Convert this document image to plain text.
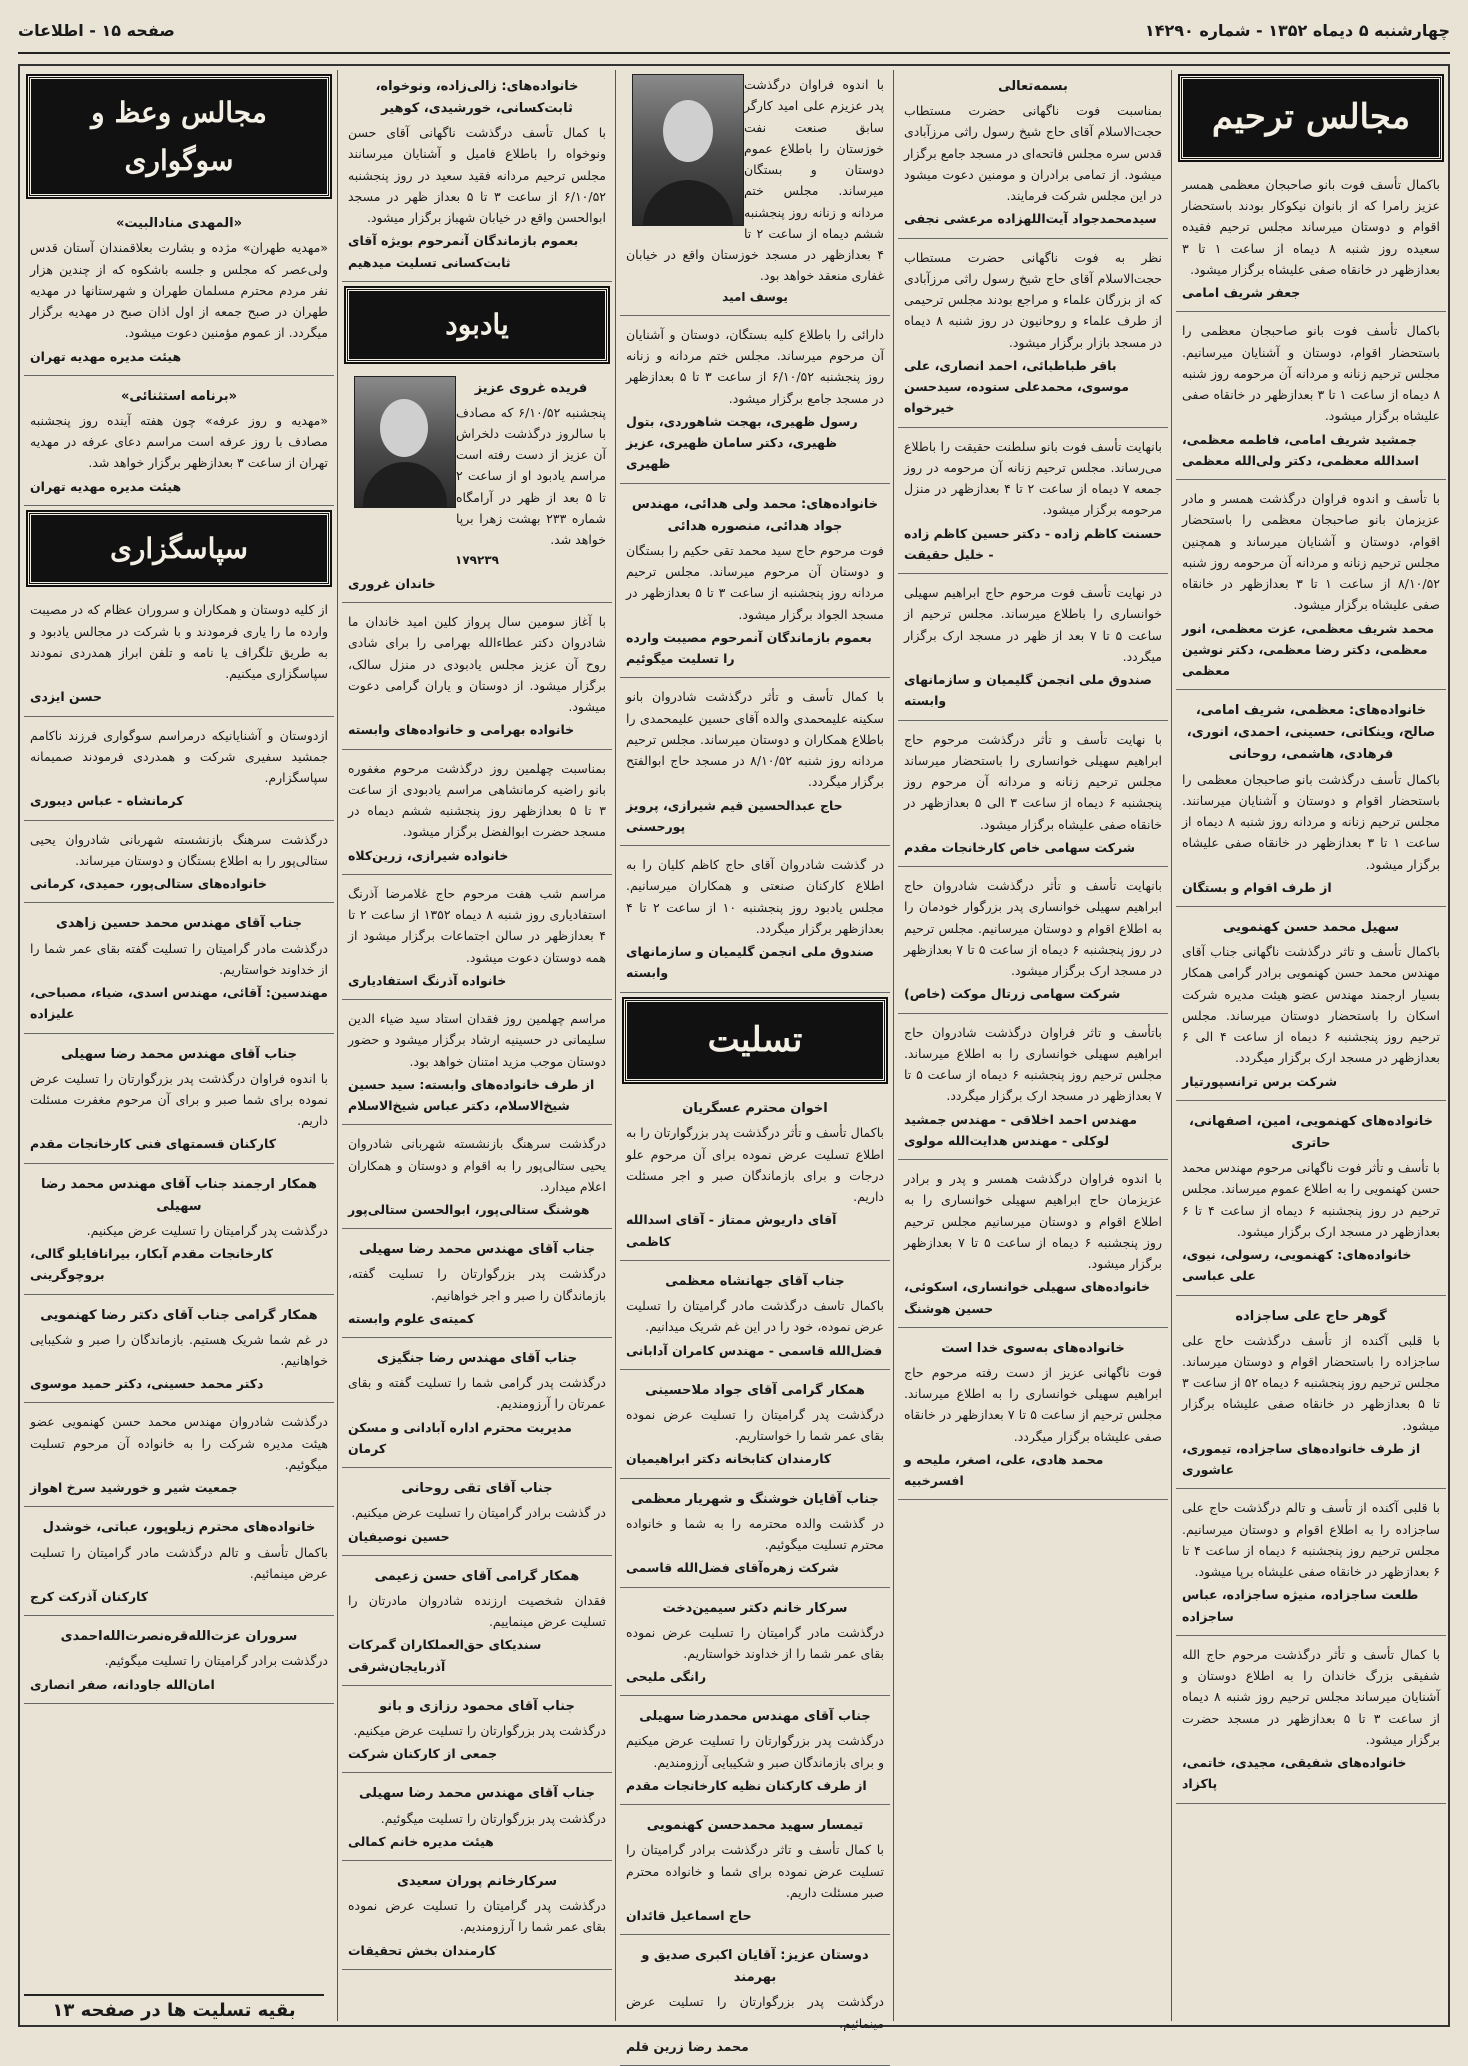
چهارشنبه ۵ دیماه ۱۳۵۲ - شماره ۱۴۲۹۰
صفحه ۱۵ - اطلاعات
مجالس ترحیم

باکمال تأسف فوت بانو صاحبجان معظمی همسر عزیز رامرا که از بانوان نیکوکار بودند باستحضار اقوام و دوستان میرساند مجلس ترحیم فقیده سعیده روز شنبه ۸ دیماه از ساعت ۱ تا ۳ بعدازظهر در خانقاه صفی علیشاه برگزار میشود.

جعفر شریف امامی

باکمال تأسف فوت بانو صاحبجان معظمی را باستحضار اقوام، دوستان و آشنایان میرسانیم. مجلس ترحیم زنانه و مردانه آن مرحومه روز شنبه ۸ دیماه از ساعت ۱ تا ۳ بعدازظهر در خانقاه صفی علیشاه برگزار میشود.

جمشید شریف امامی، فاطمه معظمی، اسدالله معظمی، دکتر ولی‌الله معظمی

با تأسف و اندوه فراوان درگذشت همسر و مادر عزیزمان بانو صاحبجان معظمی را باستحضار اقوام، دوستان و آشنایان میرساند و همچنین مجلس ترحیم زنانه و مردانه آن مرحومه روز شنبه ۸/۱۰/۵۲ از ساعت ۱ تا ۳ بعدازظهر در خانقاه صفی علیشاه برگزار میشود.

محمد شریف معظمی، عزت معظمی، انور معظمی، دکتر رضا معظمی، دکتر نوشین معظمی
خانواده‌های: معظمی، شریف امامی، صالح، وینکاتی، حسینی، احمدی، انوری، فرهادی، هاشمی، روحانی

باکمال تأسف درگذشت بانو صاحبجان معظمی را باستحضار اقوام و دوستان و آشنایان میرسانند. مجلس ترحیم زنانه و مردانه روز شنبه ۸ دیماه از ساعت ۱ تا ۳ بعدازظهر در خانقاه صفی علیشاه برگزار میشود.

از طرف اقوام و بستگان
سهیل محمد حسن کهنمویی

باکمال تأسف و تاثر درگذشت ناگهانی جناب آقای مهندس محمد حسن کهنمویی برادر گرامی همکار بسیار ارجمند مهندس عضو هیئت مدیره شرکت اسکان را باستحضار دوستان میرساند. مجلس ترحیم روز پنجشنبه ۶ دیماه از ساعت ۴ الی ۶ بعدازظهر در مسجد ارک برگزار میگردد.

شرکت برس ترانسپورتیار
خانواده‌های کهنمویی، امین، اصفهانی، حاتری

با تأسف و تأثر فوت ناگهانی مرحوم مهندس محمد حسن کهنمویی را به اطلاع عموم میرساند. مجلس ترحیم در روز پنجشنبه ۶ دیماه از ساعت ۴ تا ۶ بعدازظهر در مسجد ارک برگزار میشود.

خانواده‌های: کهنمویی، رسولی، نیوی، علی عباسی
گوهر حاج علی ساجزاده

با قلبی آکنده از تأسف درگذشت حاج علی ساجزاده را باستحضار اقوام و دوستان میرساند. مجلس ترحیم روز پنجشنبه ۶ دیماه ۵۲ از ساعت ۳ تا ۵ بعدازظهر در خانقاه صفی علیشاه برگزار میشود.

از طرف خانواده‌های ساجزاده، تیموری، عاشوری

با قلبی آکنده از تأسف و تالم درگذشت حاج علی ساجزاده را به اطلاع اقوام و دوستان میرسانیم. مجلس ترحیم روز پنجشنبه ۶ دیماه از ساعت ۴ تا ۶ بعدازظهر در خانقاه صفی علیشاه برپا میشود.

طلعت ساجزاده، منیژه ساجزاده، عباس ساجزاده

با کمال تأسف و تأثر درگذشت مرحوم حاج الله شفیقی بزرگ خاندان را به اطلاع دوستان و آشنایان میرساند مجلس ترحیم روز شنبه ۸ دیماه از ساعت ۳ تا ۵ بعدازظهر در مسجد حضرت برگزار میشود.

خانواده‌های شفیقی، مجیدی، خاتمی، پاکزاد
بسمه‌تعالی

بمناسبت فوت ناگهانی حضرت مستطاب حجت‌الاسلام آقای حاج شیخ رسول راثی مرزآبادی قدس سره مجلس فاتحه‌ای در مسجد جامع برگزار میشود. از تمامی برادران و مومنین دعوت میشود در این مجلس شرکت فرمایند.

سیدمحمدجواد آیت‌اللهزاده مرعشی نجفی

نظر به فوت ناگهانی حضرت مستطاب حجت‌الاسلام آقای حاج شیخ رسول راثی مرزآبادی که از بزرگان علماء و مراجع بودند مجلس ترحیمی از طرف علماء و روحانیون در روز شنبه ۸ دیماه در مسجد بازار برگزار میشود.

باقر طباطبائی، احمد انصاری، علی موسوی، محمدعلی ستوده، سیدحسن خیرخواه

بانهایت تأسف فوت بانو سلطنت حقیقت را باطلاع می‌رساند. مجلس ترحیم زنانه آن مرحومه در روز جمعه ۷ دیماه از ساعت ۲ تا ۴ بعدازظهر در منزل مرحومه برگزار میشود.

حسنت کاظم زاده - دکتر حسین کاظم زاده - خلیل حقیقت

در نهایت تأسف فوت مرحوم حاج ابراهیم سهیلی خوانساری را باطلاع میرساند. مجلس ترحیم از ساعت ۵ تا ۷ بعد از ظهر در مسجد ارک برگزار میگردد.

صندوق ملی انجمن گلیمیان و سازمانهای وابسته

با نهایت تأسف و تأثر درگذشت مرحوم حاج ابراهیم سهیلی خوانساری را باستحضار میرساند مجلس ترحیم زنانه و مردانه آن مرحوم روز پنجشنبه ۶ دیماه از ساعت ۳ الی ۵ بعدازظهر در خانقاه صفی علیشاه برگزار میشود.

شرکت سهامی خاص کارخانجات مقدم

بانهایت تأسف و تأثر درگذشت شادروان حاج ابراهیم سهیلی خوانساری پدر بزرگوار خودمان را به اطلاع اقوام و دوستان میرسانیم. مجلس ترحیم در روز پنجشنبه ۶ دیماه از ساعت ۵ تا ۷ بعدازظهر در مسجد ارک برگزار میشود.

شرکت سهامی زرتال موکت (خاص)

باتأسف و تاثر فراوان درگذشت شادروان حاج ابراهیم سهیلی خوانساری را به اطلاع میرساند. مجلس ترحیم روز پنجشنبه ۶ دیماه از ساعت ۵ تا ۷ بعدازظهر در مسجد ارک برگزار میگردد.

مهندس احمد اخلاقی - مهندس جمشید لوکلی - مهندس هدایت‌الله مولوی

با اندوه فراوان درگذشت همسر و پدر و برادر عزیزمان حاج ابراهیم سهیلی خوانساری را به اطلاع اقوام و دوستان میرسانیم مجلس ترحیم روز پنجشنبه ۶ دیماه از ساعت ۵ تا ۷ بعدازظهر برگزار میشود.

خانواده‌های سهیلی خوانساری، اسکوئی، حسین هوشنگ
خانواده‌های به‌سوی خدا است

فوت ناگهانی عزیز از دست رفته مرحوم حاج ابراهیم سهیلی خوانساری را به اطلاع میرساند. مجلس ترحیم از ساعت ۵ تا ۷ بعدازظهر در خانقاه صفی علیشاه برگزار میگردد.

محمد هادی، علی، اصغر، ملیحه و افسرخبیه

با اندوه فراوان درگذشت پدر عزیزم علی امید کارگر سابق صنعت نفت خوزستان را باطلاع عموم دوستان و بستگان میرساند. مجلس ختم مردانه و زنانه روز پنجشنبه ششم دیماه از ساعت ۲ تا ۴ بعدازظهر در مسجد خوزستان واقع در خیابان غفاری منعقد خواهد بود.

یوسف امید

دارائی را باطلاع کلیه بستگان، دوستان و آشنایان آن مرحوم میرساند. مجلس ختم مردانه و زنانه روز پنجشنبه ۶/۱۰/۵۲ از ساعت ۳ تا ۵ بعدازظهر در مسجد جامع برگزار میشود.

رسول ظهیری، بهجت شاهوردی، بتول ظهیری، دکتر سامان ظهیری، عزیز ظهیری
خانواده‌های: محمد ولی هدائی، مهندس جواد هدائی، منصوره هدائی

فوت مرحوم حاج سید محمد تقی حکیم را بستگان و دوستان آن مرحوم میرساند. مجلس ترحیم مردانه روز پنجشنبه از ساعت ۳ تا ۵ بعدازظهر در مسجد الجواد برگزار میشود.

بعموم بازماندگان آنمرحوم مصیبت وارده را تسلیت میگوئیم

با کمال تأسف و تأثر درگذشت شادروان بانو سکینه علیمحمدی والده آقای حسین علیمحمدی را باطلاع همکاران و دوستان میرساند. مجلس ترحیم مردانه روز شنبه ۸/۱۰/۵۲ در مسجد حاج ابوالفتح برگزار میگردد.

حاج عبدالحسین قیم شیرازی، پرویز پورحسنی

در گذشت شادروان آقای حاج کاظم کلیان را به اطلاع کارکنان صنعتی و همکاران میرسانیم. مجلس یادبود روز پنجشنبه ۱۰ از ساعت ۲ تا ۴ بعدازظهر برگزار میگردد.

صندوق ملی انجمن گلیمیان و سازمانهای وابسته
تسلیت
اخوان محترم عسگریان

باکمال تأسف و تأثر درگذشت پدر بزرگوارتان را به اطلاع تسلیت عرض نموده برای آن مرحوم علو درجات و برای بازماندگان صبر و اجر مسئلت داریم.

آقای داریوش ممتاز - آقای اسدالله کاظمی
جناب آقای جهانشاه معظمی

باکمال تاسف درگذشت مادر گرامیتان را تسلیت عرض نموده، خود را در این غم شریک میدانیم.

فضل‌الله قاسمی - مهندس کامران آدابانی
همکار گرامی آقای جواد ملاحسینی

درگذشت پدر گرامیتان را تسلیت عرض نموده بقای عمر شما را خواستاریم.

کارمندان کتابخانه دکتر ابراهیمیان
جناب آقایان خوشنگ و شهریار معظمی

در گذشت والده محترمه را به شما و خانواده محترم تسلیت میگوئیم.

شرکت زهره‌آقای فضل‌الله قاسمی
سرکار خانم دکتر سیمین‌دخت

درگذشت مادر گرامیتان را تسلیت عرض نموده بقای عمر شما را از خداوند خواستاریم.

رانگی ملیحی
جناب آقای مهندس محمدرضا سهیلی

درگذشت پدر بزرگوارتان را تسلیت عرض میکنیم و برای بازماندگان صبر و شکیبایی آرزومندیم.

از طرف کارکنان نظیه کارخانجات مقدم
تیمسار سهید محمدحسن کهنمویی

با کمال تأسف و تاثر درگذشت برادر گرامیتان را تسلیت عرض نموده برای شما و خانواده محترم صبر مسئلت داریم.

حاج اسماعیل قائدان
دوستان عزیز: آقایان اکبری صدیق و بهرمند

درگذشت پدر بزرگوارتان را تسلیت عرض مینمائیم.

محمد رضا زرین قلم
خانواده‌های: زالی‌زاده، ونوخواه، ثابت‌کسانی، خورشیدی، کوهیر

با کمال تأسف درگذشت ناگهانی آقای حسن ونوخواه را باطلاع فامیل و آشنایان میرسانند مجلس ترحیم مردانه فقید سعید در روز پنجشنبه ۶/۱۰/۵۲ از ساعت ۳ تا ۵ بعداز ظهر در مسجد ابوالحسن واقع در خیابان شهباز برگزار میشود.

بعموم بازماندگان آنمرحوم بویژه آقای ثابت‌کسانی تسلیت میدهیم
یادبود
فریده غروی عزیز

پنجشنبه ۶/۱۰/۵۲ که مصادف با سالروز درگذشت دلخراش آن عزیز از دست رفته است مراسم یادبود او از ساعت ۲ تا ۵ بعد از ظهر در آرامگاه شماره ۲۳۳ بهشت زهرا برپا خواهد شد.

۱۷۹۲۳۹
خاندان غروری

با آغاز سومین سال پرواز کلین امید خاندان ما شادروان دکتر عطاءالله بهرامی را برای شادی روح آن عزیز مجلس یادبودی در منزل سالک، برگزار میشود. از دوستان و یاران گرامی دعوت میشود.

خانواده بهرامی و خانواده‌های وابسته

بمناسبت چهلمین روز درگذشت مرحوم مغفوره بانو راضیه کرمانشاهی مراسم یادبودی از ساعت ۳ تا ۵ بعدازظهر روز پنجشنبه ششم دیماه در مسجد حضرت ابوالفضل برگزار میشود.

خانواده شیرازی، زرین‌کلاه

مراسم شب هفت مرحوم حاج غلامرضا آذرنگ استفادیاری روز شنبه ۸ دیماه ۱۳۵۲ از ساعت ۲ تا ۴ بعدازظهر در سالن اجتماعات برگزار میشود از همه دوستان دعوت میشود.

خانواده آذرنگ استفادیاری

مراسم چهلمین روز فقدان استاد سید ضیاء الدین سلیمانی در حسینیه ارشاد برگزار میشود و حضور دوستان موجب مزید امتنان خواهد بود.

از طرف خانواده‌های وابسته: سید حسین شیخ‌الاسلام، دکتر عباس شیخ‌الاسلام

درگذشت سرهنگ بازنشسته شهربانی شادروان یحیی ستالی‌پور را به اقوام و دوستان و همکاران اعلام میدارد.

هوشنگ ستالی‌پور، ابوالحسن ستالی‌پور
جناب آقای مهندس محمد رضا سهیلی

درگذشت پدر بزرگوارتان را تسلیت گفته، بازماندگان را صبر و اجر خواهانیم.

کمیته‌ی علوم وابسته
جناب آقای مهندس رضا جنگیزی

درگذشت پدر گرامی شما را تسلیت گفته و بقای عمرتان را آرزومندیم.

مدیریت محترم اداره آبادانی و مسکن کرمان
جناب آقای تقی روحانی

در گذشت برادر گرامیتان را تسلیت عرض میکنیم.

حسین نوصیفیان
همکار گرامی آقای حسن زعیمی

فقدان شخصیت ارزنده شادروان مادرتان را تسلیت عرض مینماییم.

سندیکای حق‌العملکاران گمرکات آذربایجان‌شرقی
جناب آقای محمود رزازی و بانو

درگذشت پدر بزرگوارتان را تسلیت عرض میکنیم.

جمعی از کارکنان شرکت
جناب آقای مهندس محمد رضا سهیلی

درگذشت پدر بزرگوارتان را تسلیت میگوئیم.

هیئت مدیره خانم کمالی
سرکارخانم پوران سعیدی

درگذشت پدر گرامیتان را تسلیت عرض نموده بقای عمر شما را آرزومندیم.

کارمندان بخش تحقیقات
مجالس وعظ و سوگواری
«المهدی منادالبیت»

«مهدیه طهران» مژده و بشارت بعلاقمندان آستان قدس ولی‌عصر که مجلس و جلسه باشکوه که از چندین هزار نفر مردم محترم مسلمان طهران و شهرستانها در مهدیه طهران در صبح جمعه از اول اذان صبح در مهدیه برگزار میگردد. از عموم مؤمنین دعوت میشود.

هیئت مدیره مهدیه تهران
«برنامه استثنائی»

«مهدیه و روز عرفه» چون هفته آینده روز پنجشنبه مصادف با روز عرفه است مراسم دعای عرفه در مهدیه تهران از ساعت ۳ بعدازظهر برگزار خواهد شد.

هیئت مدیره مهدیه تهران
سپاسگزاری

از کلیه دوستان و همکاران و سروران عظام که در مصیبت وارده ما را یاری فرمودند و با شرکت در مجالس یادبود و به طریق تلگراف یا نامه و تلفن ابراز همدردی نمودند سپاسگزاری میکنیم.

حسن ایزدی

ازدوستان و آشنایانیکه درمراسم سوگواری فرزند ناکامم جمشید سفیری شرکت و همدردی فرمودند صمیمانه سپاسگزارم.

کرمانشاه - عباس دیبوری

درگذشت سرهنگ بازنشسته شهربانی شادروان یحیی ستالی‌پور را به اطلاع بستگان و دوستان میرساند.

خانواده‌های ستالی‌پور، حمیدی، کرمانی
جناب آقای مهندس محمد حسین زاهدی

درگذشت مادر گرامیتان را تسلیت گفته بقای عمر شما را از خداوند خواستاریم.

مهندسین: آقائی، مهندس اسدی، ضیاء، مصباحی، علیزاده
جناب آقای مهندس محمد رضا سهیلی

با اندوه فراوان درگذشت پدر بزرگوارتان را تسلیت عرض نموده برای شما صبر و برای آن مرحوم مغفرت مسئلت داریم.

کارکنان قسمتهای فنی کارخانجات مقدم
همکار ارجمند جناب آقای مهندس محمد رضا سهیلی

درگذشت پدر گرامیتان را تسلیت عرض میکنیم.

کارخانجات مقدم آبکار، بیرانافایلو گالی، بروچوگرینی
همکار گرامی جناب آقای دکتر رضا کهنمویی

در غم شما شریک هستیم. بازماندگان را صبر و شکیبایی خواهانیم.

دکتر محمد حسینی، دکتر حمید موسوی

درگذشت شادروان مهندس محمد حسن کهنمویی عضو هیئت مدیره شرکت را به خانواده آن مرحوم تسلیت میگوئیم.

جمعیت شیر و خورشید سرخ اهواز
خانواده‌های محترم زیلوپور، عباتی، خوشدل

باکمال تأسف و تالم درگذشت مادر گرامیتان را تسلیت عرض مینمائیم.

کارکنان آذرکت کرج
سروران عزت‌الله‌قره‌نصرت‌الله‌احمدی

درگذشت برادر گرامیتان را تسلیت میگوئیم.

امان‌الله جاودانه، صفر انصاری
بقیه تسلیت ها در صفحه ۱۳
